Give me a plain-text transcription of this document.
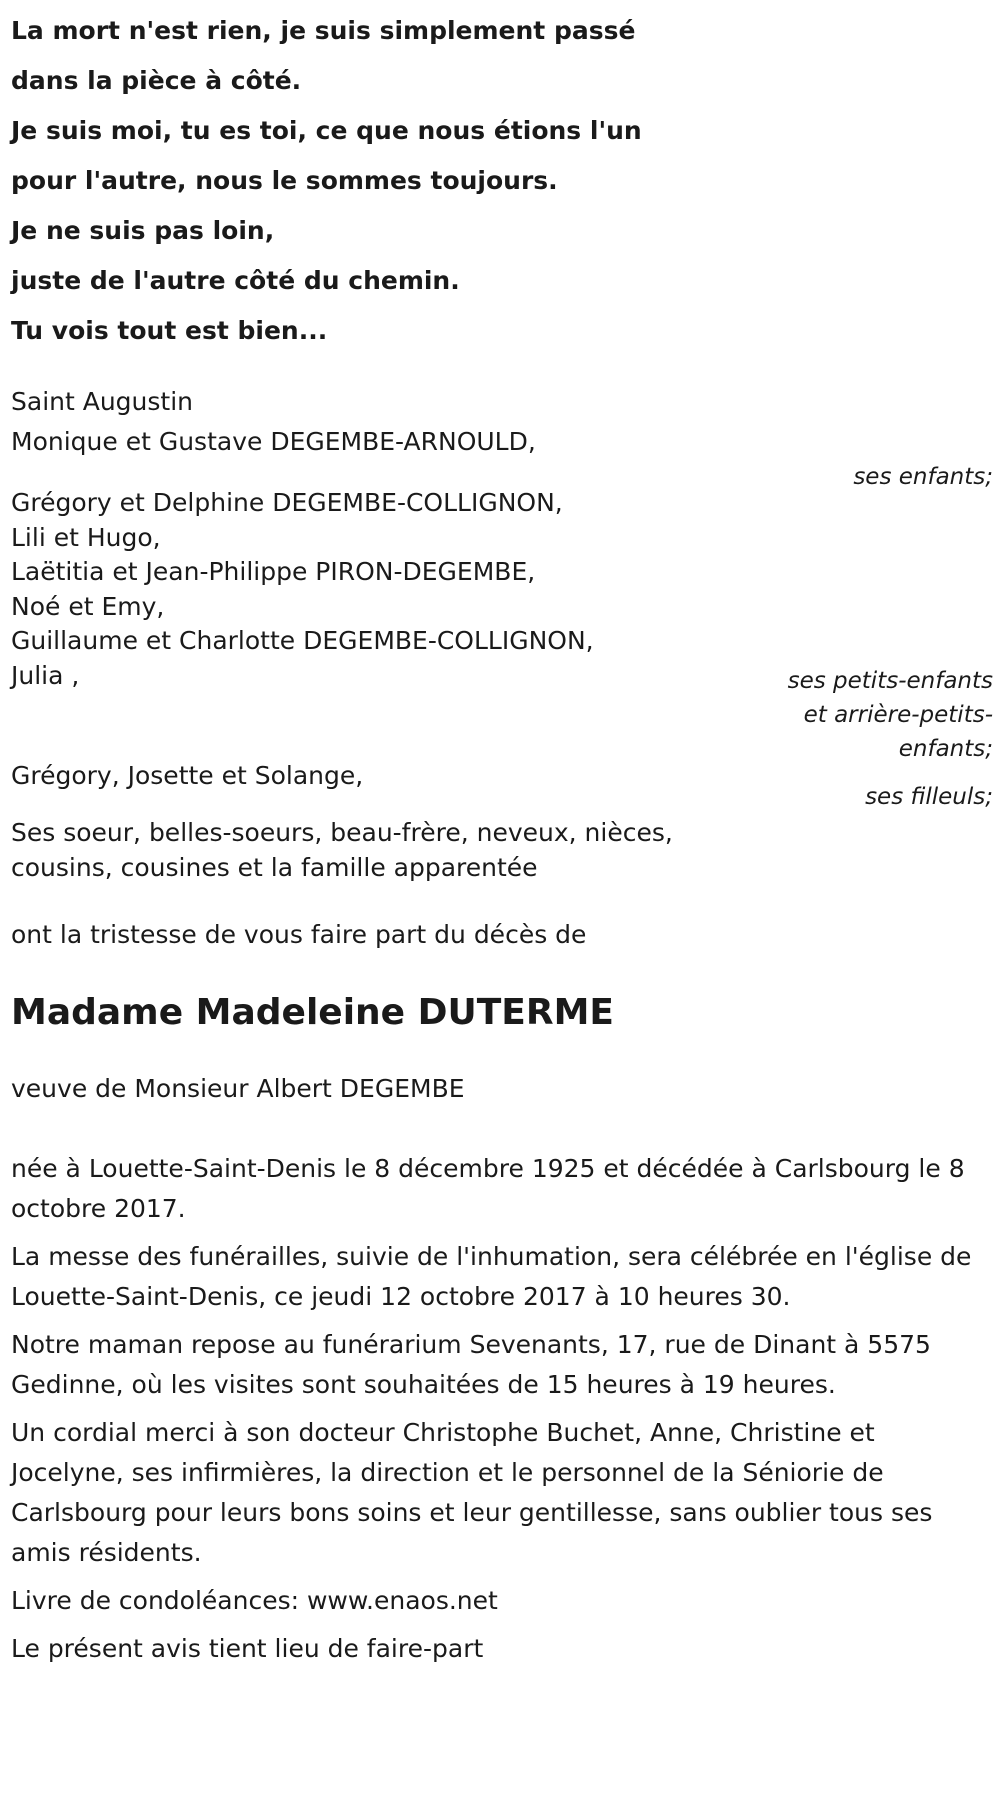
La mort n'est rien, je suis simplement passé
dans la pièce à côté.
Je suis moi, tu es toi, ce que nous étions l'un
pour l'autre, nous le sommes toujours.
Je ne suis pas loin,
juste de l'autre côté du chemin.
Tu vois tout est bien...
Saint Augustin
Monique et Gustave DEGEMBE-ARNOULD,
ses enfants;
Grégory et Delphine DEGEMBE-COLLIGNON,
Lili et Hugo,
Laëtitia et Jean-Philippe PIRON-DEGEMBE,
Noé et Emy,
Guillaume et Charlotte DEGEMBE-COLLIGNON,
Julia ,	ses petits-enfants
et arrière-petits-
enfants;
Grégory, Josette et Solange,
ses filleuls;
Ses soeur, belles-soeurs, beau-frère, neveux, nièces,
cousins, cousines et la famille apparentée
ont la tristesse de vous faire part du décès de
Madame Madeleine DUTERME
veuve de Monsieur Albert DEGEMBE
née à Louette-Saint-Denis le 8 décembre 1925 et décédée à Carlsbourg le 8 octobre 2017.
La messe des funérailles, suivie de l'inhumation, sera célébrée en l'église de Louette-Saint-Denis, ce jeudi 12 octobre 2017 à 10 heures 30.
Notre maman repose au funérarium Sevenants, 17, rue de Dinant à 5575 Gedinne, où les visites sont souhaitées de 15 heures à 19 heures.
Un cordial merci à son docteur Christophe Buchet, Anne, Christine et Jocelyne, ses infirmières, la direction et le personnel de la Séniorie de Carlsbourg pour leurs bons soins et leur gentillesse, sans oublier tous ses amis résidents.
Livre de condoléances: www.enaos.net
Le présent avis tient lieu de faire-part
